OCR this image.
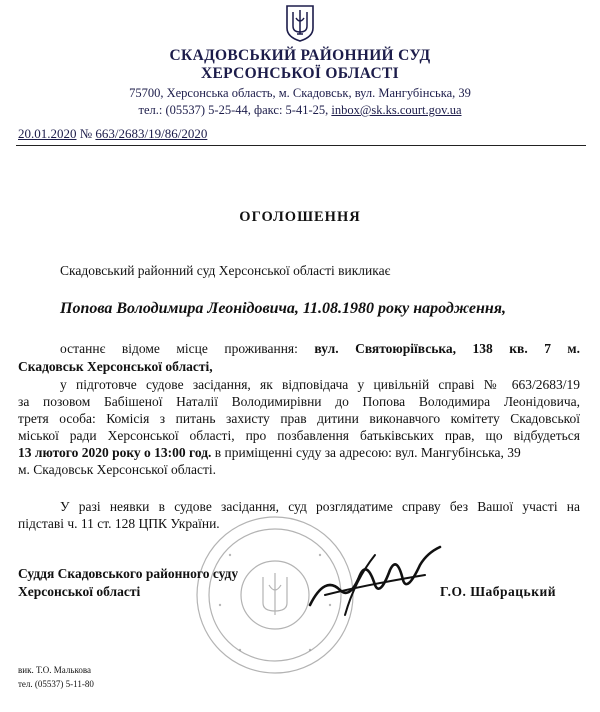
СКАДОВСЬКИЙ РАЙОННИЙ СУД
ХЕРСОНСЬКОЇ ОБЛАСТІ
75700, Херсонська область, м. Скадовськ, вул. Мангубінська, 39
тел.: (05537) 5-25-44, факс: 5-41-25, inbox@sk.ks.court.gov.ua
20.01.2020 № 663/2683/19/86/2020
ОГОЛОШЕННЯ
Скадовський районний суд Херсонської області викликає
Попова Володимира Леонідовича, 11.08.1980 року народження,
останнє відоме місце проживання: вул. Святоюріївська, 138 кв. 7 м.
Скадовськ Херсонської області,
у підготовче судове засідання, як відповідача у цивільній справі № 663/2683/19
за позовом Бабішеної Наталії Володимирівни до Попова Володимира Леонідовича,
третя особа: Комісія з питань захисту прав дитини виконавчого комітету Скадовської
міської ради Херсонської області, про позбавлення батьківських прав, що відбудеться
13 лютого 2020 року о 13:00 год. в приміщенні суду за адресою: вул. Мангубінська, 39
м. Скадовськ Херсонської області.
У разі неявки в судове засідання, суд розглядатиме справу без Вашої участі на
підставі ч. 11 ст. 128 ЦПК України.
Суддя Скадовського районного суду
Херсонської області	Г.О. Шабрацький
вик. Т.О. Малькова
тел. (05537) 5-11-80
